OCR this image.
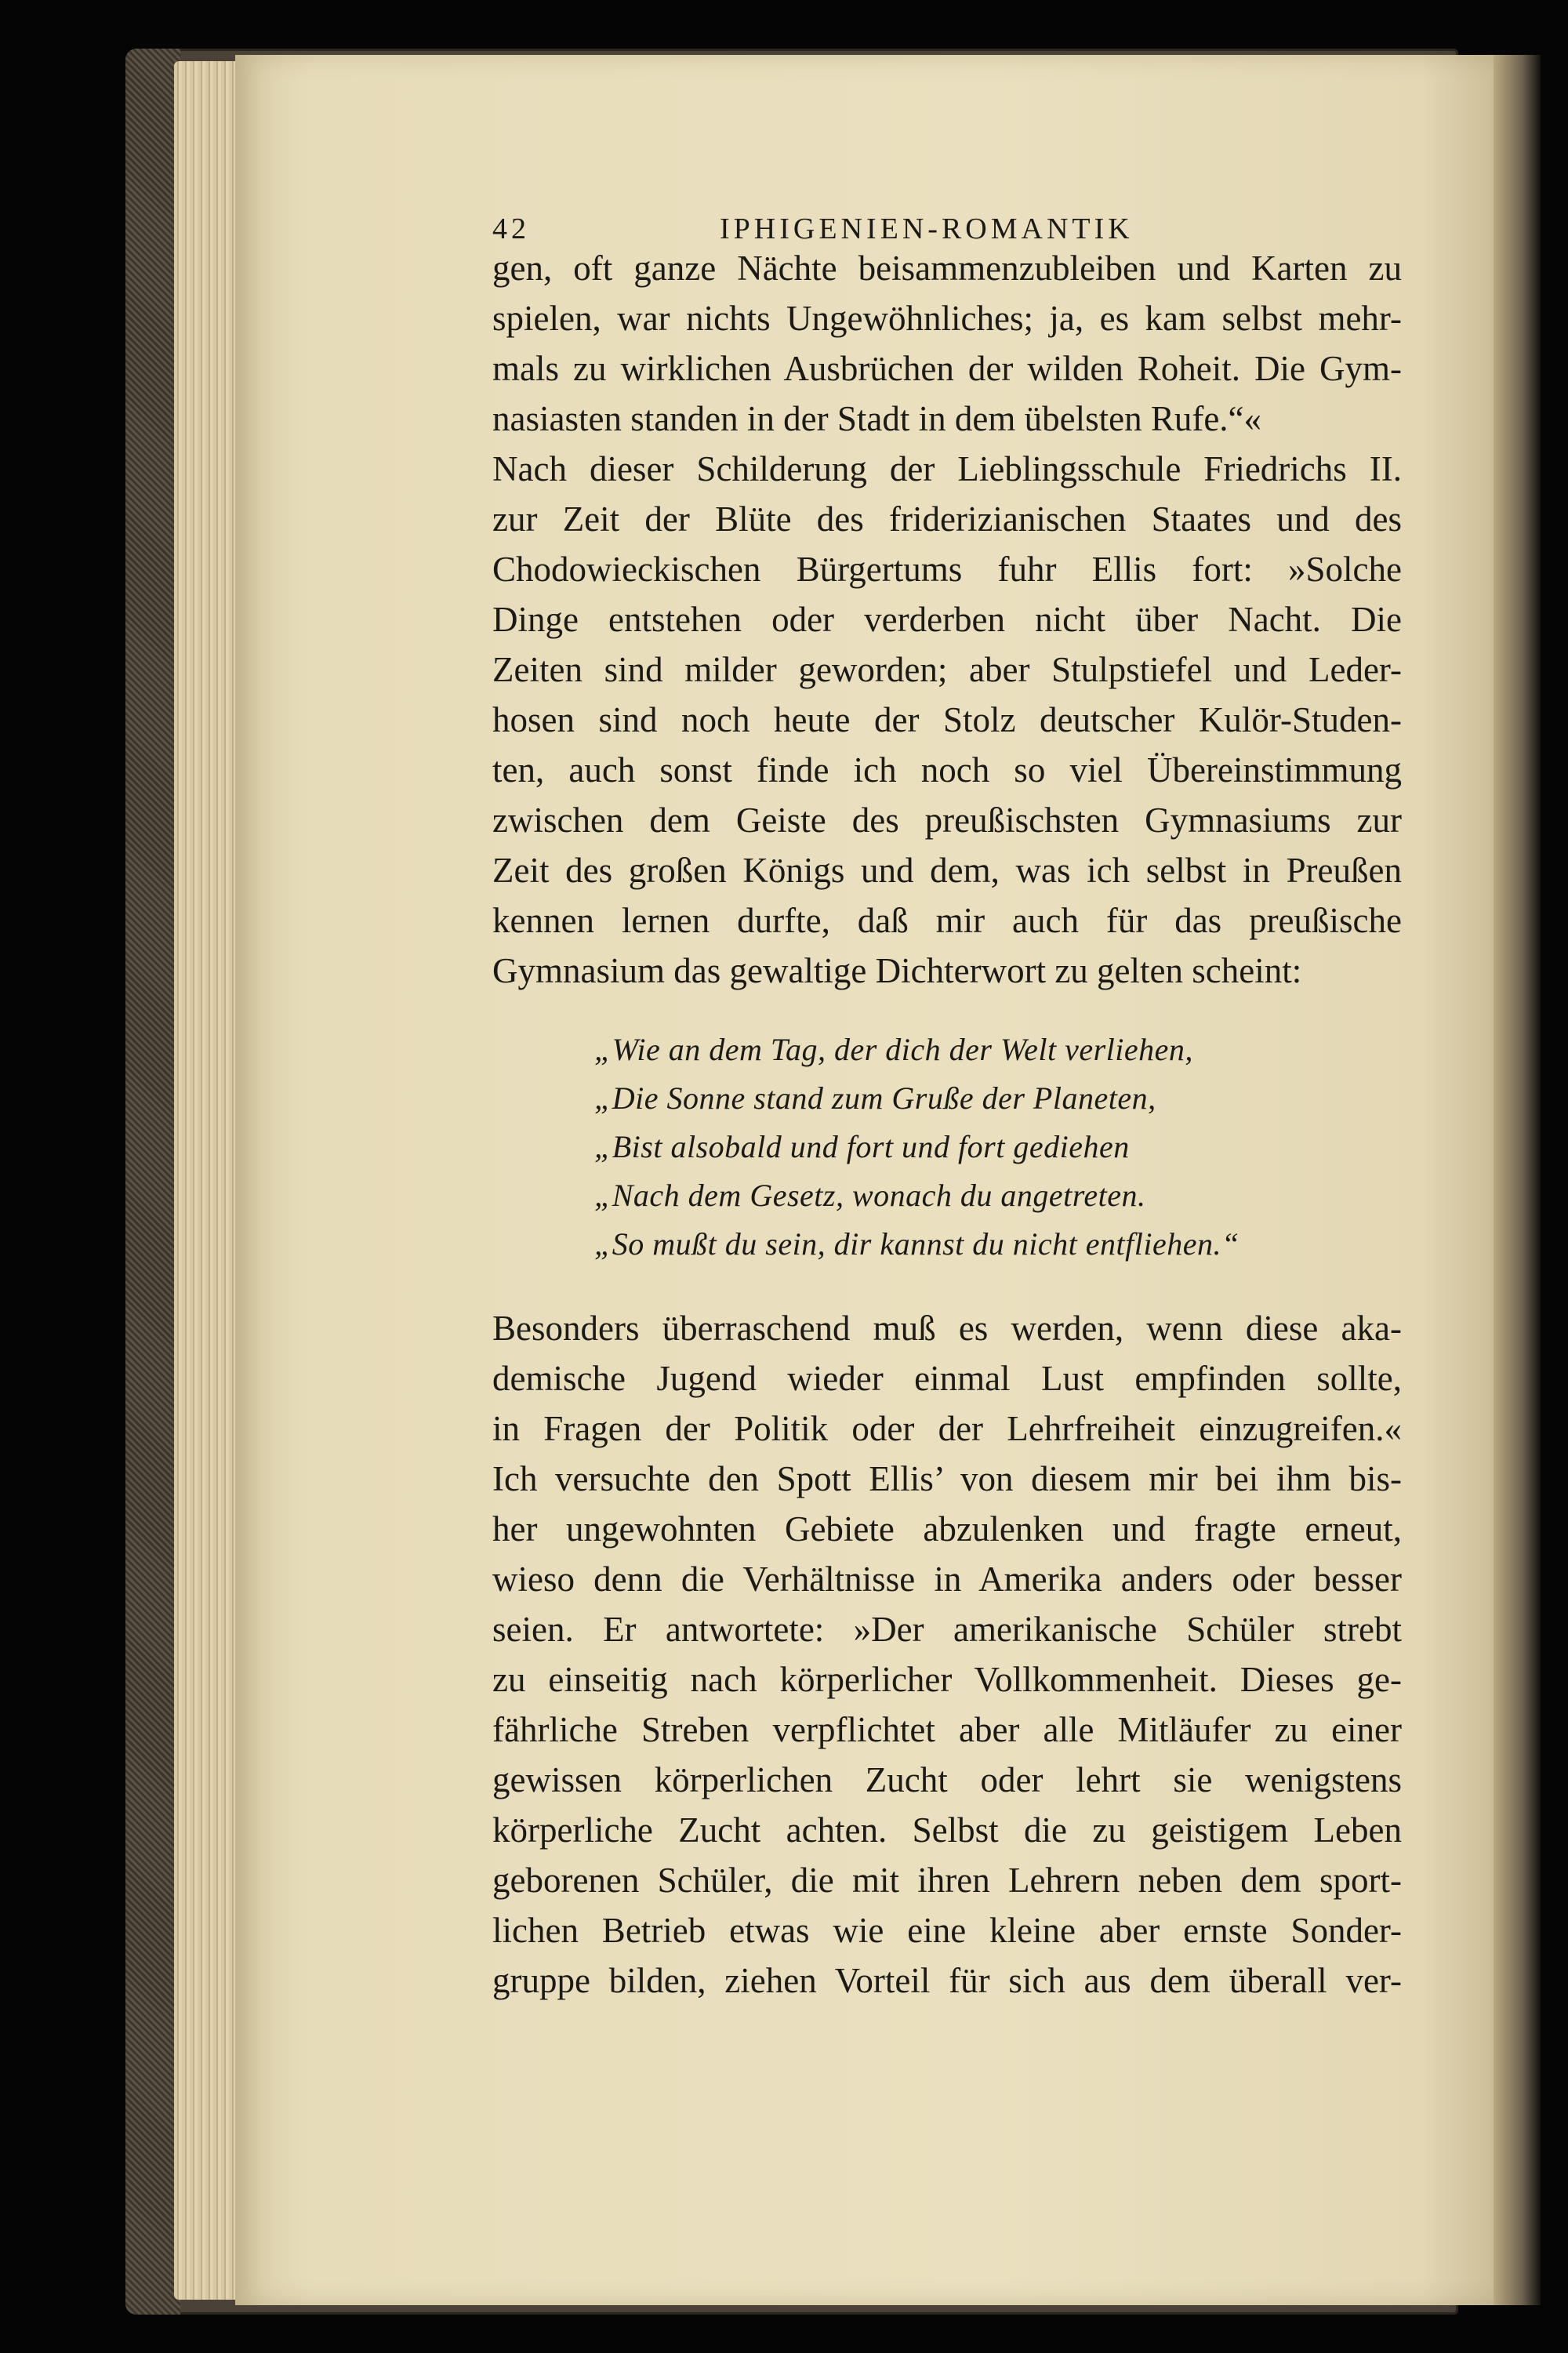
42	IPHIGENIEN-ROMANTIK
gen, oft ganze Nächte beisammenzubleiben und Karten zu
spielen, war nichts Ungewöhnliches; ja, es kam selbst mehr-
mals zu wirklichen Ausbrüchen der wilden Roheit. Die Gym-
nasiasten standen in der Stadt in dem übelsten Rufe.“«
Nach dieser Schilderung der Lieblingsschule Friedrichs II.
zur Zeit der Blüte des friderizianischen Staates und des
Chodowieckischen Bürgertums fuhr Ellis fort: »Solche
Dinge entstehen oder verderben nicht über Nacht. Die
Zeiten sind milder geworden; aber Stulpstiefel und Leder-
hosen sind noch heute der Stolz deutscher Kulör-Studen-
ten, auch sonst finde ich noch so viel Übereinstimmung
zwischen dem Geiste des preußischsten Gymnasiums zur
Zeit des großen Königs und dem, was ich selbst in Preußen
kennen lernen durfte, daß mir auch für das preußische
Gymnasium das gewaltige Dichterwort zu gelten scheint:
„Wie an dem Tag, der dich der Welt verliehen,
„Die Sonne stand zum Gruße der Planeten,
„Bist alsobald und fort und fort gediehen
„Nach dem Gesetz, wonach du angetreten.
„So mußt du sein, dir kannst du nicht entfliehen.“
Besonders überraschend muß es werden, wenn diese aka-
demische Jugend wieder einmal Lust empfinden sollte,
in Fragen der Politik oder der Lehrfreiheit einzugreifen.«
Ich versuchte den Spott Ellis’ von diesem mir bei ihm bis-
her ungewohnten Gebiete abzulenken und fragte erneut,
wieso denn die Verhältnisse in Amerika anders oder besser
seien. Er antwortete: »Der amerikanische Schüler strebt
zu einseitig nach körperlicher Vollkommenheit. Dieses ge-
fährliche Streben verpflichtet aber alle Mitläufer zu einer
gewissen körperlichen Zucht oder lehrt sie wenigstens
körperliche Zucht achten. Selbst die zu geistigem Leben
geborenen Schüler, die mit ihren Lehrern neben dem sport-
lichen Betrieb etwas wie eine kleine aber ernste Sonder-
gruppe bilden, ziehen Vorteil für sich aus dem überall ver-
